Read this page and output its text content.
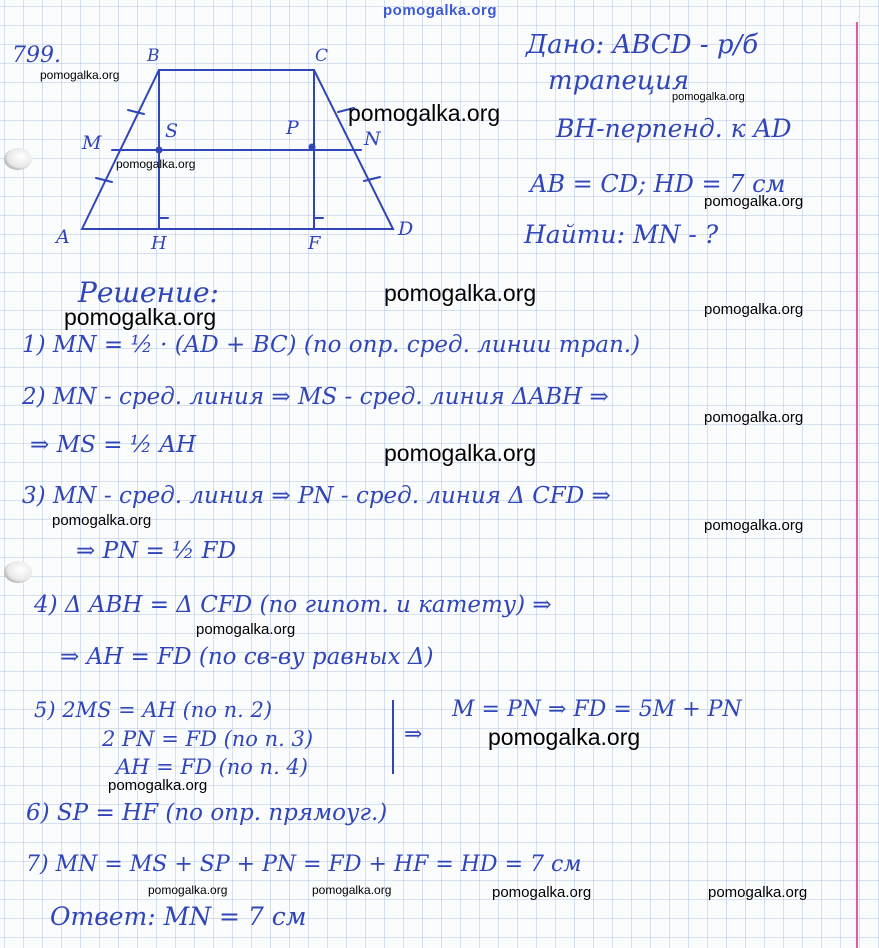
799.	B	C
M
S	P	N
A	H	F
D
Дано: ABCD - р/б
трапеция
BH-перпенд. к AD
AB = CD; HD = 7 см
Найти: MN - ?
Решение:
1) MN = ½ · (AD + BC) (по опр. сред. линии трап.)
2) MN - сред. линия ⇒ MS - сред. линия ΔABH ⇒
⇒ MS = ½ AH
3) MN - сред. линия ⇒ PN - сред. линия Δ CFD ⇒
⇒ PN = ½ FD
4) Δ ABH = Δ CFD (по гипот. и катету) ⇒
⇒ AH = FD (по св-ву равных Δ)
5) 2MS = AH (по п. 2)
2 PN = FD (по п. 3)
AH = FD (по п. 4)
⇒
M = PN ⇒ FD = 5M + PN
6) SP = HF (по опр. прямоуг.)
7) MN = MS + SP + PN = FD + HF = HD = 7 см
Ответ: MN = 7 см
pomogalka.org
pomogalka.org
pomogalka.org
pomogalka.org
pomogalka.org
pomogalka.org
pomogalka.org
pomogalka.org
pomogalka.org
pomogalka.org
pomogalka.org
pomogalka.org	pomogalka.org
pomogalka.org
pomogalka.org
pomogalka.org
pomogalka.org	pomogalka.org	pomogalka.org	pomogalka.org
